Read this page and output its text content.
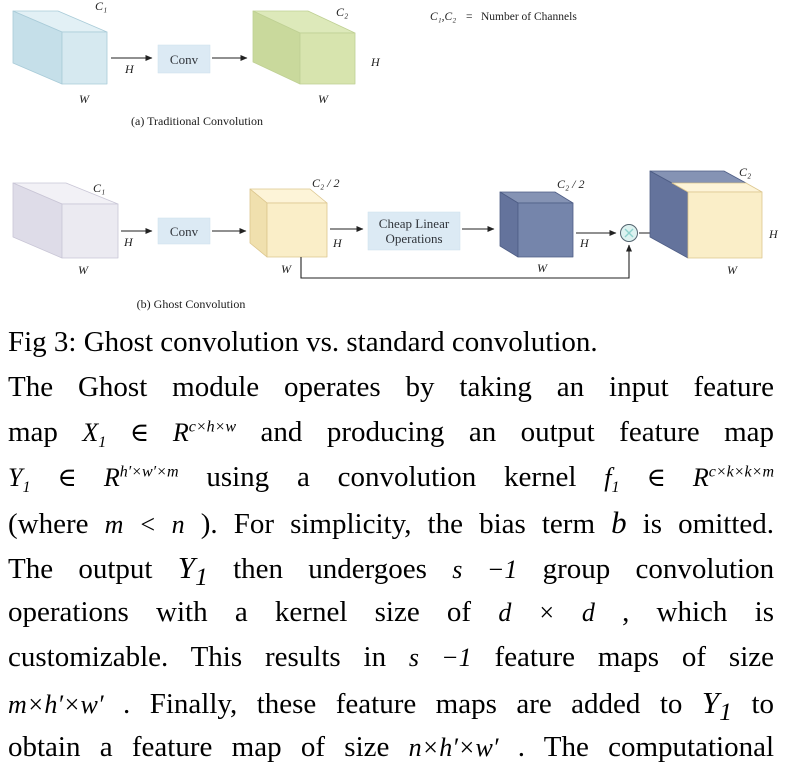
C₁
W
H
Conv
C₂
H
W
(a) Traditional Convolution
C₁,C₂ = Number of Channels
C₁
W
H
Conv
C₂ / 2
H
W
Cheap Linear
Operations
C₂ / 2
H
W
C₂
H
W
(b) Ghost Convolution
Fig 3: Ghost convolution vs. standard convolution.
The Ghost module operates by taking an input feature
map $X_1$ ∈ $R^{c\times h\times w}$ and producing an output feature map
$Y_1$ ∈ $R^{h'\times w'\times m}$ using a convolution kernel $f_1$ ∈ $R^{c\times k\times k\times m}$
(where m < n ). For simplicity, the bias term b is omitted.
The output $Y_1$ then undergoes s −1 group convolution
operations with a kernel size of d × d , which is
customizable. This results in s −1 feature maps of size
m×h′×w′ . Finally, these feature maps are added to $Y_1$ to
obtain a feature map of size n×h′×w′ . The computational
